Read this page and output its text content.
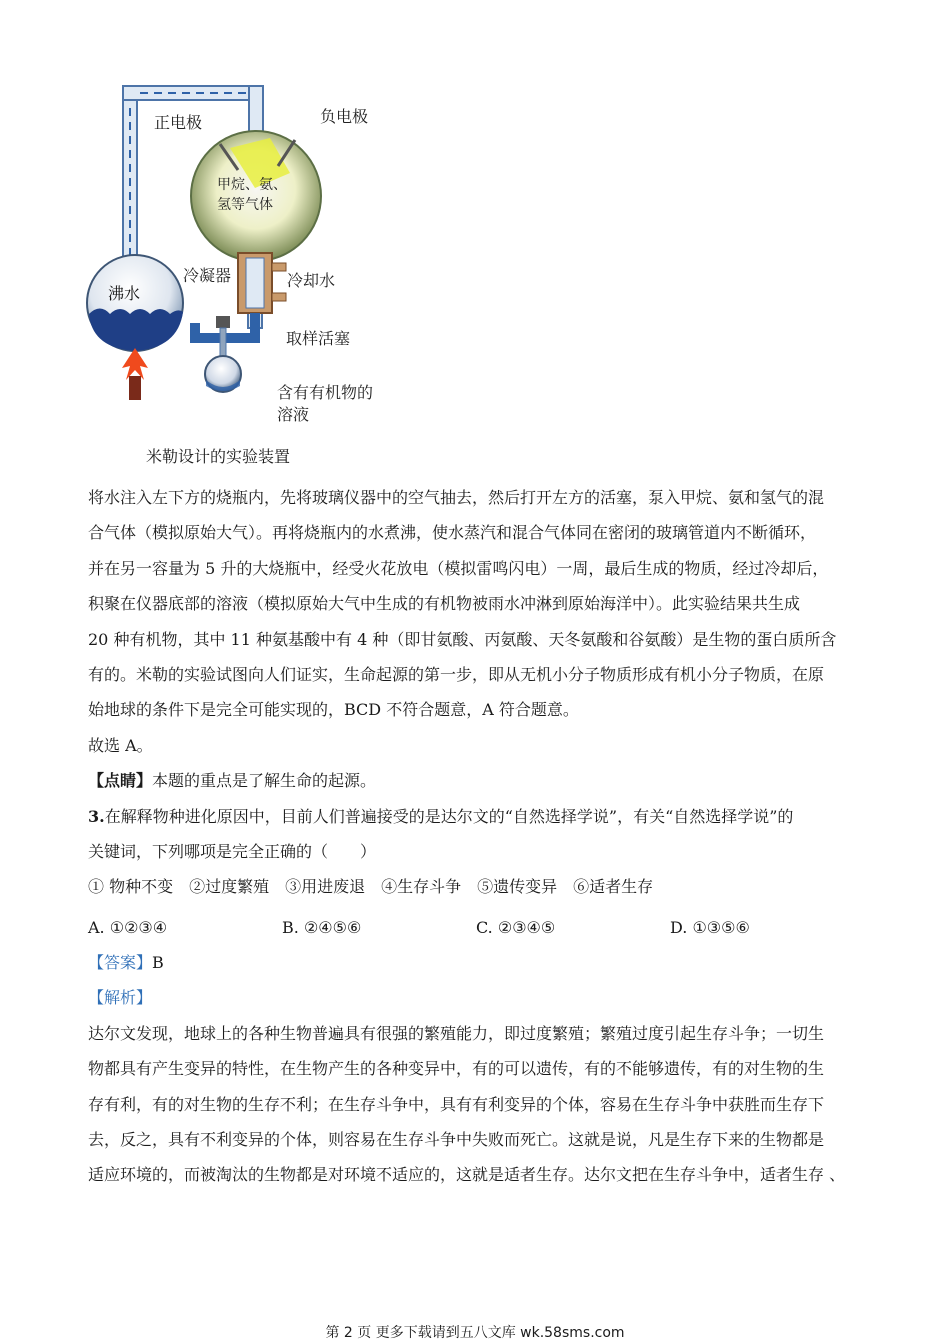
正电极	负电极
甲烷、氨、
氢等气体
沸水
冷凝器	冷却水
取样活塞
含有有机物的
溶液
米勒设计的实验装置
将水注入左下方的烧瓶内，先将玻璃仪器中的空气抽去，然后打开左方的活塞，泵入甲烷、氨和氢气的混
合气体（模拟原始大气）。再将烧瓶内的水煮沸，使水蒸汽和混合气体同在密闭的玻璃管道内不断循环，
并在另一容量为 5 升的大烧瓶中，经受火花放电（模拟雷鸣闪电）一周，最后生成的物质，经过冷却后，
积聚在仪器底部的溶液（模拟原始大气中生成的有机物被雨水冲淋到原始海洋中）。此实验结果共生成
20 种有机物，其中 11 种氨基酸中有 4 种（即甘氨酸、丙氨酸、天冬氨酸和谷氨酸）是生物的蛋白质所含
有的。米勒的实验试图向人们证实，生命起源的第一步，即从无机小分子物质形成有机小分子物质，在原
始地球的条件下是完全可能实现的，BCD 不符合题意，A 符合题意。
故选 A。
【点睛】本题的重点是了解生命的起源。
3.在解释物种进化原因中，目前人们普遍接受的是达尔文的“自然选择学说”，有关“自然选择学说”的
关键词，下列哪项是完全正确的（　　）
① 物种不变　②过度繁殖　③用进废退　④生存斗争　⑤遗传变异　⑥适者生存
A. ①②③④	B. ②④⑤⑥	C. ②③④⑤	D. ①③⑤⑥
【答案】B
【解析】
达尔文发现，地球上的各种生物普遍具有很强的繁殖能力，即过度繁殖；繁殖过度引起生存斗争；一切生
物都具有产生变异的特性，在生物产生的各种变异中，有的可以遗传，有的不能够遗传，有的对生物的生
存有利，有的对生物的生存不利；在生存斗争中，具有有利变异的个体，容易在生存斗争中获胜而生存下
去，反之，具有不利变异的个体，则容易在生存斗争中失败而死亡。这就是说，凡是生存下来的生物都是
适应环境的，而被淘汰的生物都是对环境不适应的，这就是适者生存。达尔文把在生存斗争中，适者生存 、
第 2 页 更多下载请到五八文库 wk.58sms.com
